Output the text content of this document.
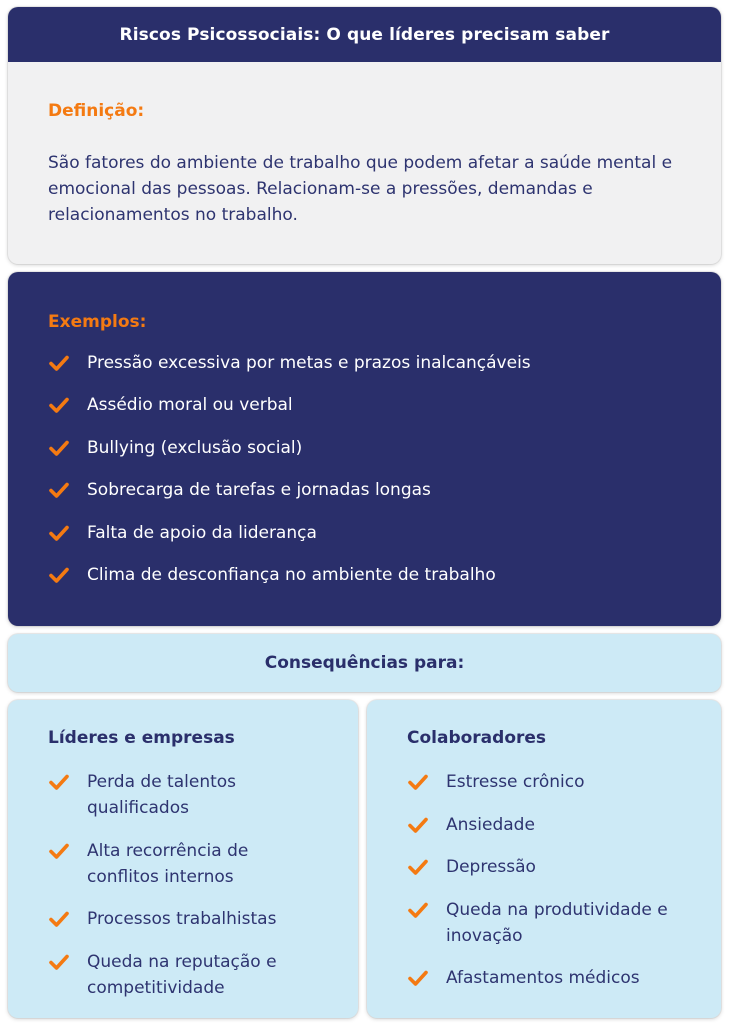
Riscos Psicossociais: O que líderes precisam saber
Definição:
São fatores do ambiente de trabalho que podem afetar a saúde mental e emocional das pessoas. Relacionam-se a pressões, demandas e relacionamentos no trabalho.
Exemplos:
Pressão excessiva por metas e prazos inalcançáveis
Assédio moral ou verbal
Bullying (exclusão social)
Sobrecarga de tarefas e jornadas longas
Falta de apoio da liderança
Clima de desconfiança no ambiente de trabalho
Consequências para:
Líderes e empresas
Perda de talentos qualificados
Alta recorrência de conflitos internos
Processos trabalhistas
Queda na reputação e competitividade
Colaboradores
Estresse crônico
Ansiedade
Depressão
Queda na produtividade e inovação
Afastamentos médicos
